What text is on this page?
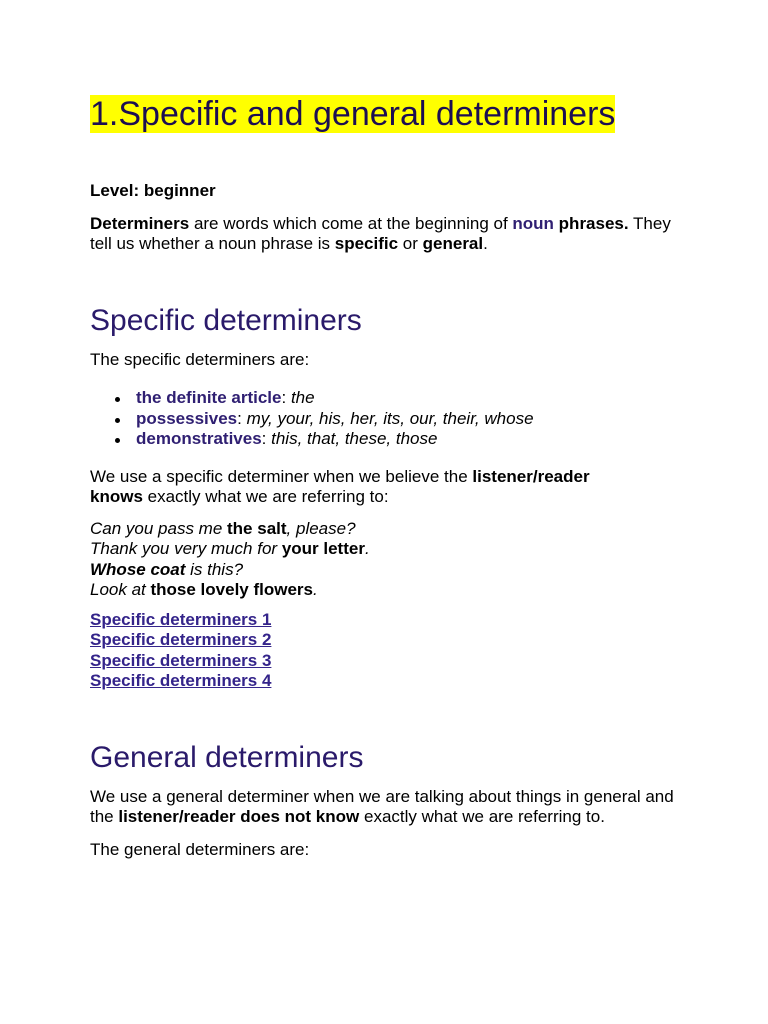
1.Specific and general determiners
Level: beginner
Determiners are words which come at the beginning of noun phrases. They
tell us whether a noun phrase is specific or general.
Specific determiners
The specific determiners are:
the definite article: the
possessives: my, your, his, her, its, our, their, whose
demonstratives: this, that, these, those
We use a specific determiner when we believe the listener/reader
knows exactly what we are referring to:
Can you pass me the salt, please?
Thank you very much for your letter.
Whose coat is this?
Look at those lovely flowers.
Specific determiners 1
Specific determiners 2
Specific determiners 3
Specific determiners 4
General determiners
We use a general determiner when we are talking about things in general and
the listener/reader does not know exactly what we are referring to.
The general determiners are:
